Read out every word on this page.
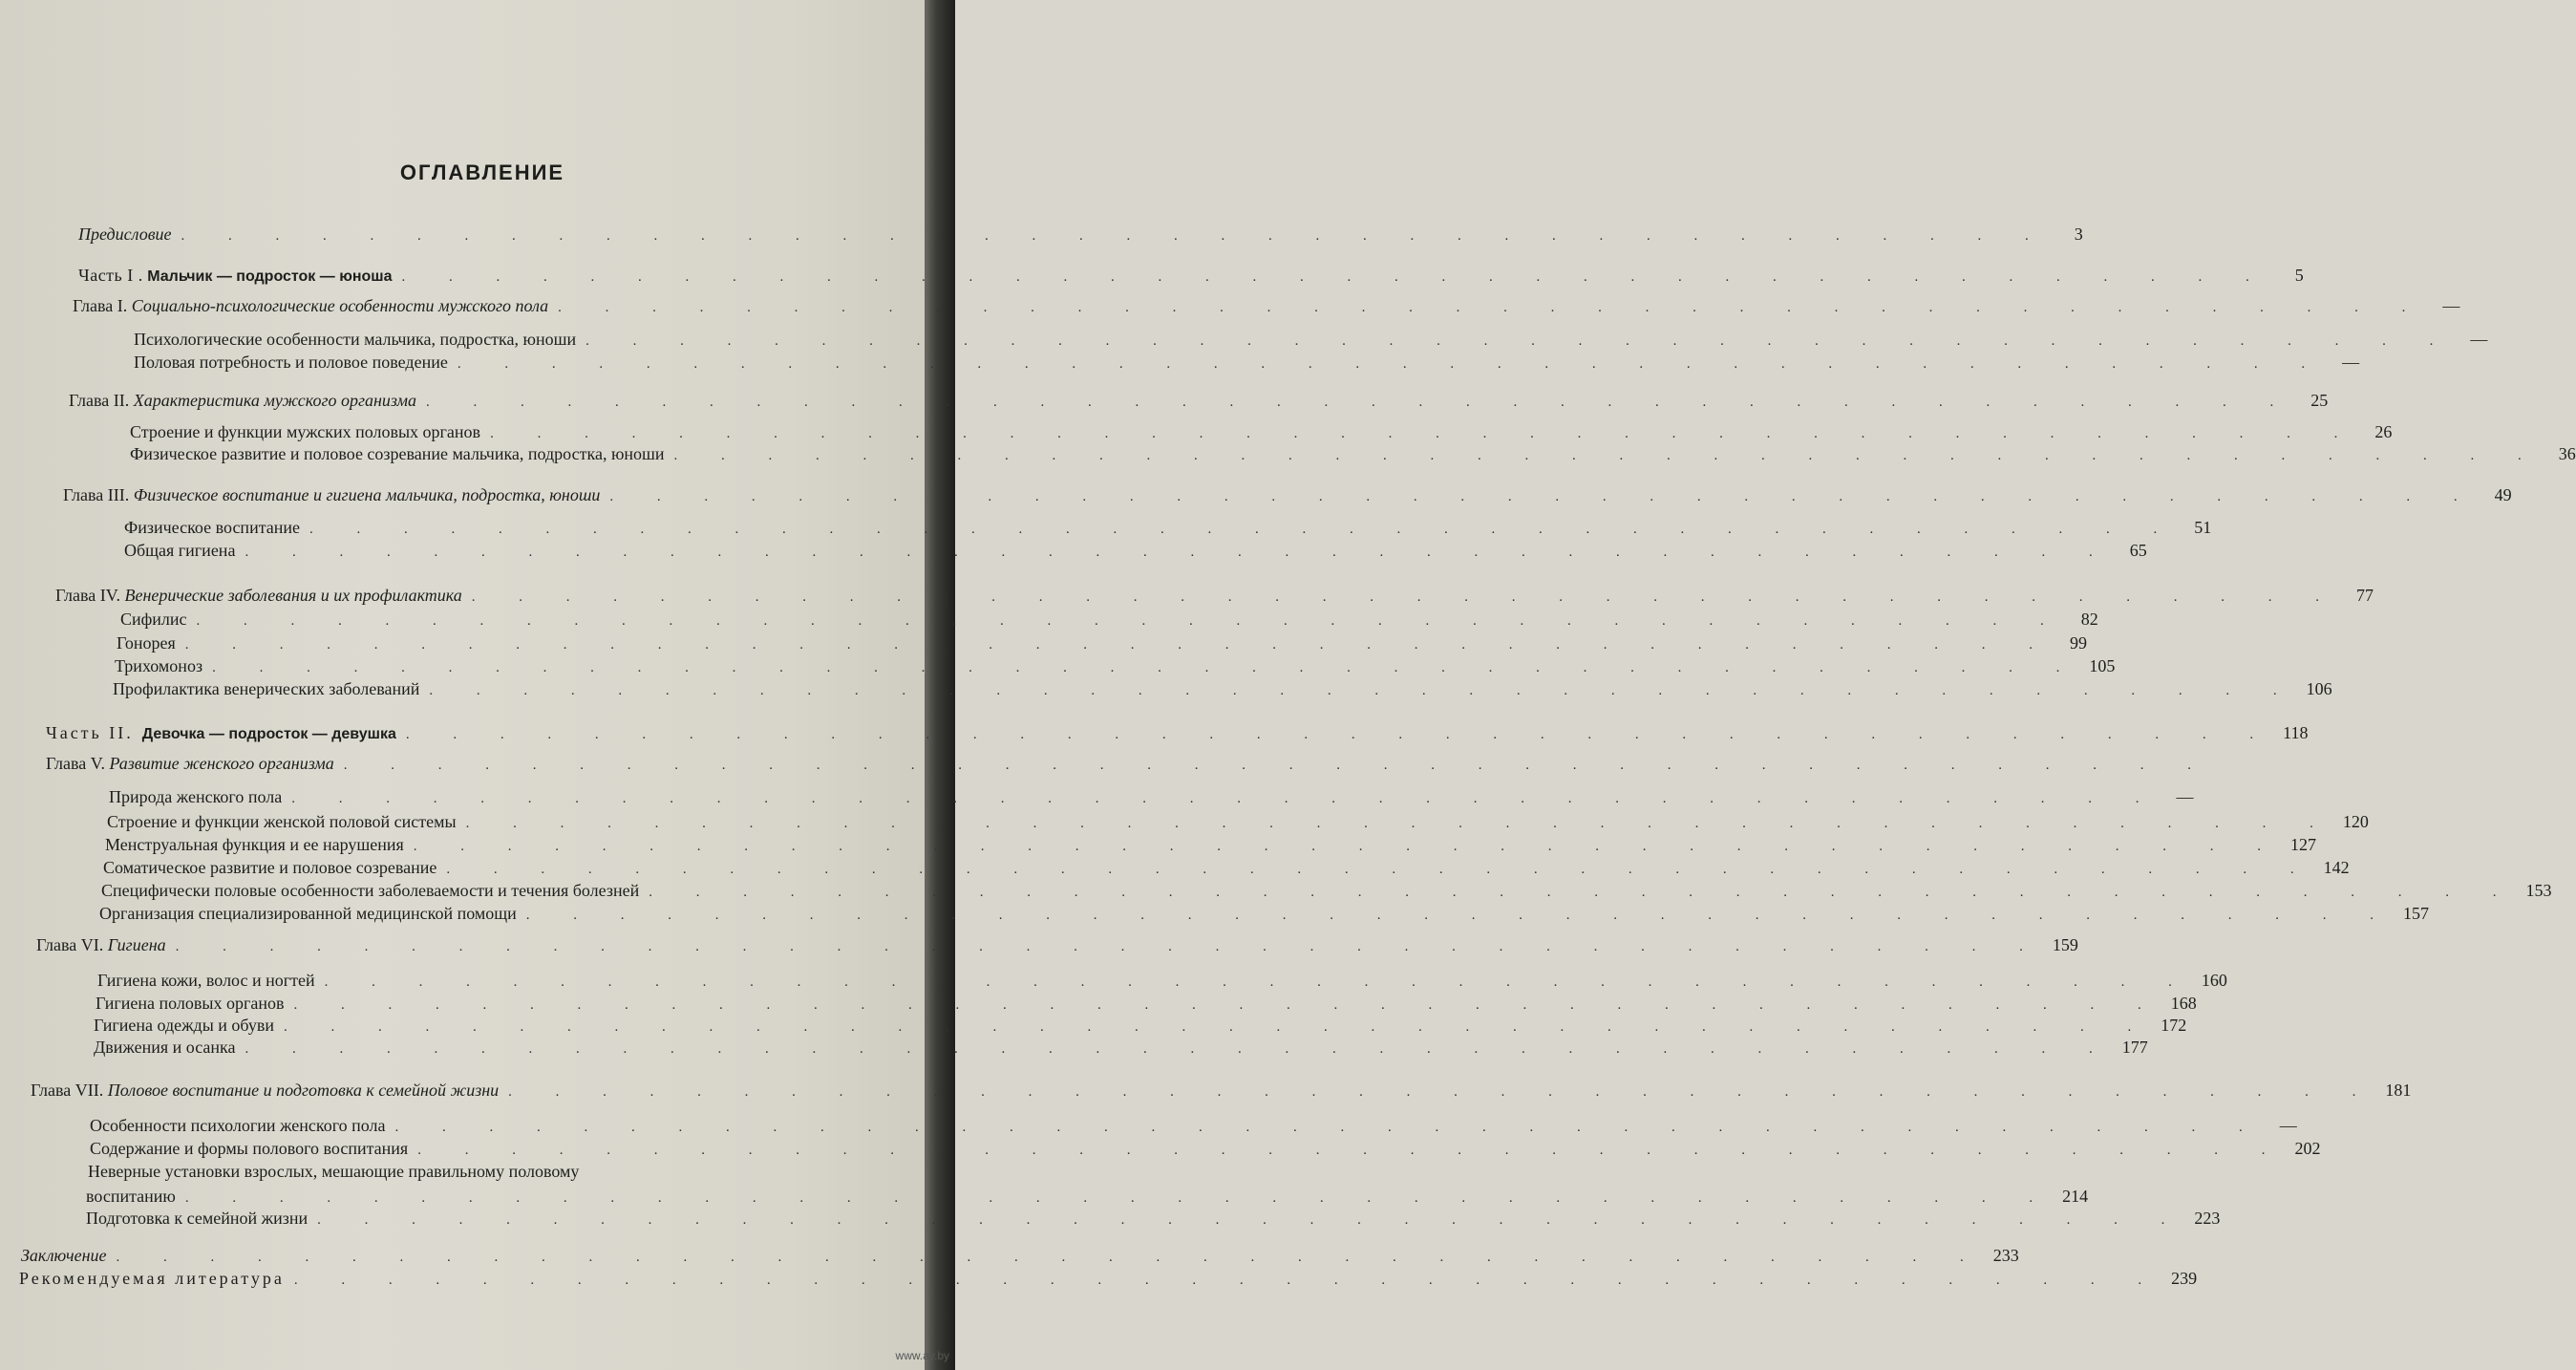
ОГЛАВЛЕНИЕ
Предисловие . . . . . . . . . . . . . . . . . . . . . . . . . . . . . . . . . . . . . . . .	3
Часть I . Мальчик — подросток — юноша . . . . . . . . . . . . . . . . . . . . . . . . . . . . . . . . . . . . . . . .	5
Глава I. Социально-психологические особенности мужского пола . . . . . . . . . . . . . . . . . . . . . . . . . . . . . . . . . . . . . . . .	—
Психологические особенности мальчика, подростка, юноши . . . . . . . . . . . . . . . . . . . . . . . . . . . . . . . . . . . . . . . .	—
Половая потребность и половое поведение . . . . . . . . . . . . . . . . . . . . . . . . . . . . . . . . . . . . . . . .	—
Глава II. Характеристика мужского организма . . . . . . . . . . . . . . . . . . . . . . . . . . . . . . . . . . . . . . . .	25
Строение и функции мужских половых органов . . . . . . . . . . . . . . . . . . . . . . . . . . . . . . . . . . . . . . . .	26
Физическое развитие и половое созревание мальчика, подростка, юноши . . . . . . . . . . . . . . . . . . . . . . . . . . . . . . . . . . . . . . . .	36
Глава III. Физическое воспитание и гигиена мальчика, подростка, юноши . . . . . . . . . . . . . . . . . . . . . . . . . . . . . . . . . . . . . . . .	49
Физическое воспитание . . . . . . . . . . . . . . . . . . . . . . . . . . . . . . . . . . . . . . . .	51
Общая гигиена . . . . . . . . . . . . . . . . . . . . . . . . . . . . . . . . . . . . . . . .	65
Глава IV. Венерические заболевания и их профилактика . . . . . . . . . . . . . . . . . . . . . . . . . . . . . . . . . . . . . . . .	77
Сифилис . . . . . . . . . . . . . . . . . . . . . . . . . . . . . . . . . . . . . . . .	82
Гонорея . . . . . . . . . . . . . . . . . . . . . . . . . . . . . . . . . . . . . . . .	99
Трихомоноз . . . . . . . . . . . . . . . . . . . . . . . . . . . . . . . . . . . . . . . . 105
Профилактика венерических заболеваний . . . . . . . . . . . . . . . . . . . . . . . . . . . . . . . . . . . . . . . . 106
Часть II. Девочка — подросток — девушка . . . . . . . . . . . . . . . . . . . . . . . . . . . . . . . . . . . . . . . . 118
Глава V. Развитие женского организма . . . . . . . . . . . . . . . . . . . . . . . . . . . . . . . . . . . . . . . .
Природа женского пола . . . . . . . . . . . . . . . . . . . . . . . . . . . . . . . . . . . . . . . .	—
Строение и функции женской половой системы . . . . . . . . . . . . . . . . . . . . . . . . . . . . . . . . . . . . . . . . 120
Менструальная функция и ее нарушения . . . . . . . . . . . . . . . . . . . . . . . . . . . . . . . . . . . . . . . . 127
Соматическое развитие и половое созревание . . . . . . . . . . . . . . . . . . . . . . . . . . . . . . . . . . . . . . . . 142
Специфически половые особенности заболеваемости и течения болезней . . . . . . . . . . . . . . . . . . . . . . . . . . . . . . . . . . . . . . . . 153
Организация специализированной медицинской помощи . . . . . . . . . . . . . . . . . . . . . . . . . . . . . . . . . . . . . . . . 157
Глава VI. Гигиена . . . . . . . . . . . . . . . . . . . . . . . . . . . . . . . . . . . . . . . . 159
Гигиена кожи, волос и ногтей . . . . . . . . . . . . . . . . . . . . . . . . . . . . . . . . . . . . . . . . 160
Гигиена половых органов . . . . . . . . . . . . . . . . . . . . . . . . . . . . . . . . . . . . . . . . 168
Гигиена одежды и обуви . . . . . . . . . . . . . . . . . . . . . . . . . . . . . . . . . . . . . . . . 172
Движения и осанка . . . . . . . . . . . . . . . . . . . . . . . . . . . . . . . . . . . . . . . . 177
Глава VII. Половое воспитание и подготовка к семейной жизни . . . . . . . . . . . . . . . . . . . . . . . . . . . . . . . . . . . . . . . . 181
Особенности психологии женского пола . . . . . . . . . . . . . . . . . . . . . . . . . . . . . . . . . . . . . . . .	—
Содержание и формы полового воспитания . . . . . . . . . . . . . . . . . . . . . . . . . . . . . . . . . . . . . . . . 202
Неверные установки взрослых, мешающие правильному половому
воспитанию . . . . . . . . . . . . . . . . . . . . . . . . . . . . . . . . . . . . . . . . 214
Подготовка к семейной жизни . . . . . . . . . . . . . . . . . . . . . . . . . . . . . . . . . . . . . . . . 223
Заключение . . . . . . . . . . . . . . . . . . . . . . . . . . . . . . . . . . . . . . . . 233
Рекомендуемая литература . . . . . . . . . . . . . . . . . . . . . . . . . . . . . . . . . . . . . . . . 239
www.ay.by
